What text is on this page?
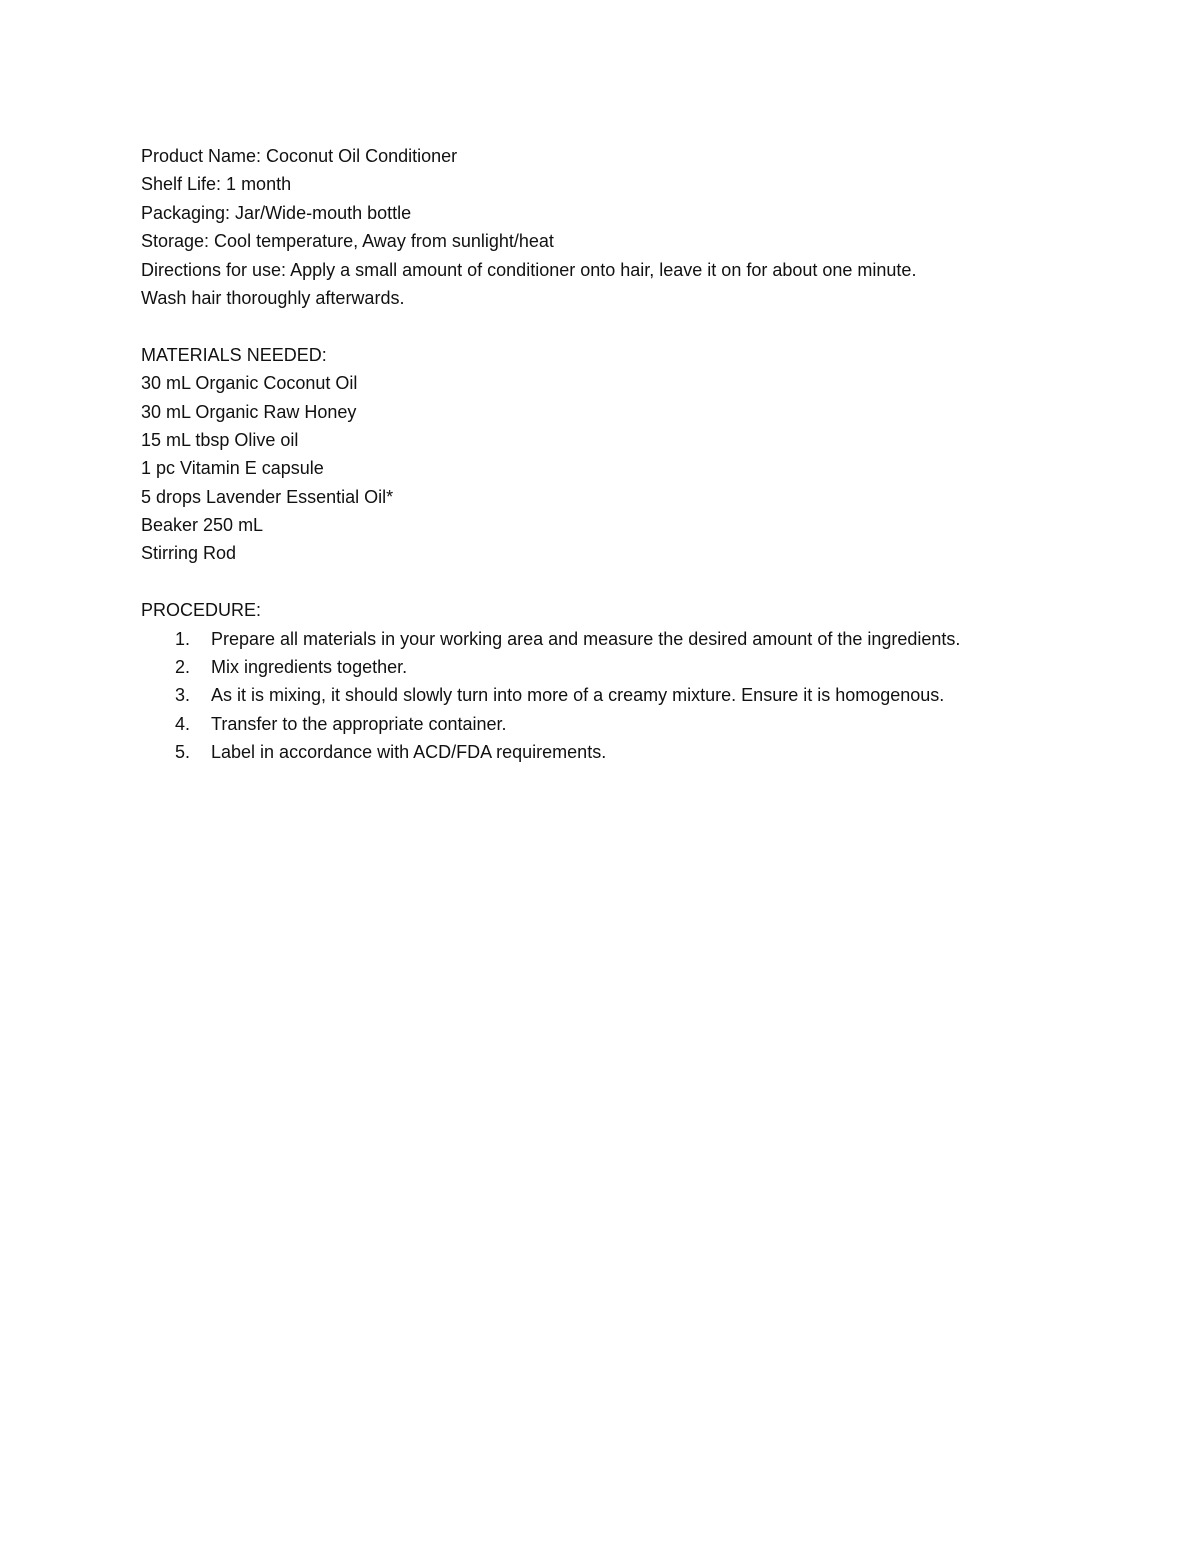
Product Name: Coconut Oil Conditioner
Shelf Life: 1 month
Packaging: Jar/Wide-mouth bottle
Storage: Cool temperature, Away from sunlight/heat
Directions for use: Apply a small amount of conditioner onto hair, leave it on for about one minute.
Wash hair thoroughly afterwards.
MATERIALS NEEDED:
30 mL Organic Coconut Oil
30 mL Organic Raw Honey
15 mL tbsp Olive oil
1 pc Vitamin E capsule
5 drops Lavender Essential Oil*
Beaker 250 mL
Stirring Rod
PROCEDURE:
1. Prepare all materials in your working area and measure the desired amount of the ingredients.
2. Mix ingredients together.
3. As it is mixing, it should slowly turn into more of a creamy mixture. Ensure it is homogenous.
4. Transfer to the appropriate container.
5. Label in accordance with ACD/FDA requirements.
